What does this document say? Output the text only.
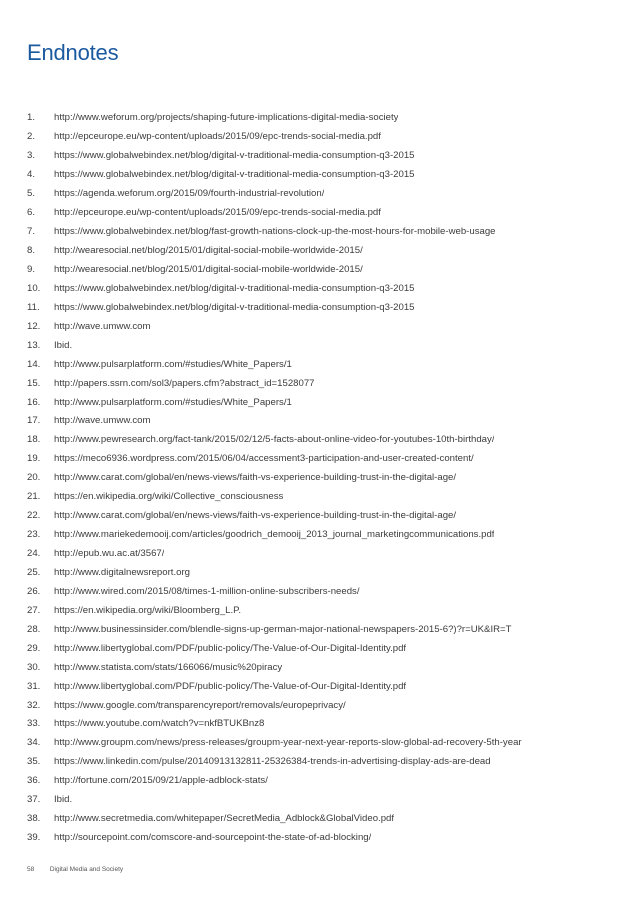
Endnotes
1.	http://www.weforum.org/projects/shaping-future-implications-digital-media-society
2.	http://epceurope.eu/wp-content/uploads/2015/09/epc-trends-social-media.pdf
3.	https://www.globalwebindex.net/blog/digital-v-traditional-media-consumption-q3-2015
4.	https://www.globalwebindex.net/blog/digital-v-traditional-media-consumption-q3-2015
5.	https://agenda.weforum.org/2015/09/fourth-industrial-revolution/
6.	http://epceurope.eu/wp-content/uploads/2015/09/epc-trends-social-media.pdf
7.	https://www.globalwebindex.net/blog/fast-growth-nations-clock-up-the-most-hours-for-mobile-web-usage
8.	http://wearesocial.net/blog/2015/01/digital-social-mobile-worldwide-2015/
9.	http://wearesocial.net/blog/2015/01/digital-social-mobile-worldwide-2015/
10.	https://www.globalwebindex.net/blog/digital-v-traditional-media-consumption-q3-2015
11.	https://www.globalwebindex.net/blog/digital-v-traditional-media-consumption-q3-2015
12.	http://wave.umww.com
13.	Ibid.
14.	http://www.pulsarplatform.com/#studies/White_Papers/1
15.	http://papers.ssrn.com/sol3/papers.cfm?abstract_id=1528077
16.	http://www.pulsarplatform.com/#studies/White_Papers/1
17.	http://wave.umww.com
18.	http://www.pewresearch.org/fact-tank/2015/02/12/5-facts-about-online-video-for-youtubes-10th-birthday/
19.	https://meco6936.wordpress.com/2015/06/04/accessment3-participation-and-user-created-content/
20.	http://www.carat.com/global/en/news-views/faith-vs-experience-building-trust-in-the-digital-age/
21.	https://en.wikipedia.org/wiki/Collective_consciousness
22.	http://www.carat.com/global/en/news-views/faith-vs-experience-building-trust-in-the-digital-age/
23.	http://www.mariekedemooij.com/articles/goodrich_demooij_2013_journal_marketingcommunications.pdf
24.	http://epub.wu.ac.at/3567/
25.	http://www.digitalnewsreport.org
26.	http://www.wired.com/2015/08/times-1-million-online-subscribers-needs/
27.	https://en.wikipedia.org/wiki/Bloomberg_L.P.
28.	http://www.businessinsider.com/blendle-signs-up-german-major-national-newspapers-2015-6?)?r=UK&IR=T
29.	http://www.libertyglobal.com/PDF/public-policy/The-Value-of-Our-Digital-Identity.pdf
30.	http://www.statista.com/stats/166066/music%20piracy
31.	http://www.libertyglobal.com/PDF/public-policy/The-Value-of-Our-Digital-Identity.pdf
32.	https://www.google.com/transparencyreport/removals/europeprivacy/
33.	https://www.youtube.com/watch?v=nkfBTUKBnz8
34.	http://www.groupm.com/news/press-releases/groupm-year-next-year-reports-slow-global-ad-recovery-5th-year
35.	https://www.linkedin.com/pulse/20140913132811-25326384-trends-in-advertising-display-ads-are-dead
36.	http://fortune.com/2015/09/21/apple-adblock-stats/
37.	Ibid.
38.	http://www.secretmedia.com/whitepaper/SecretMedia_Adblock&GlobalVideo.pdf
39.	http://sourcepoint.com/comscore-and-sourcepoint-the-state-of-ad-blocking/
58 Digital Media and Society
